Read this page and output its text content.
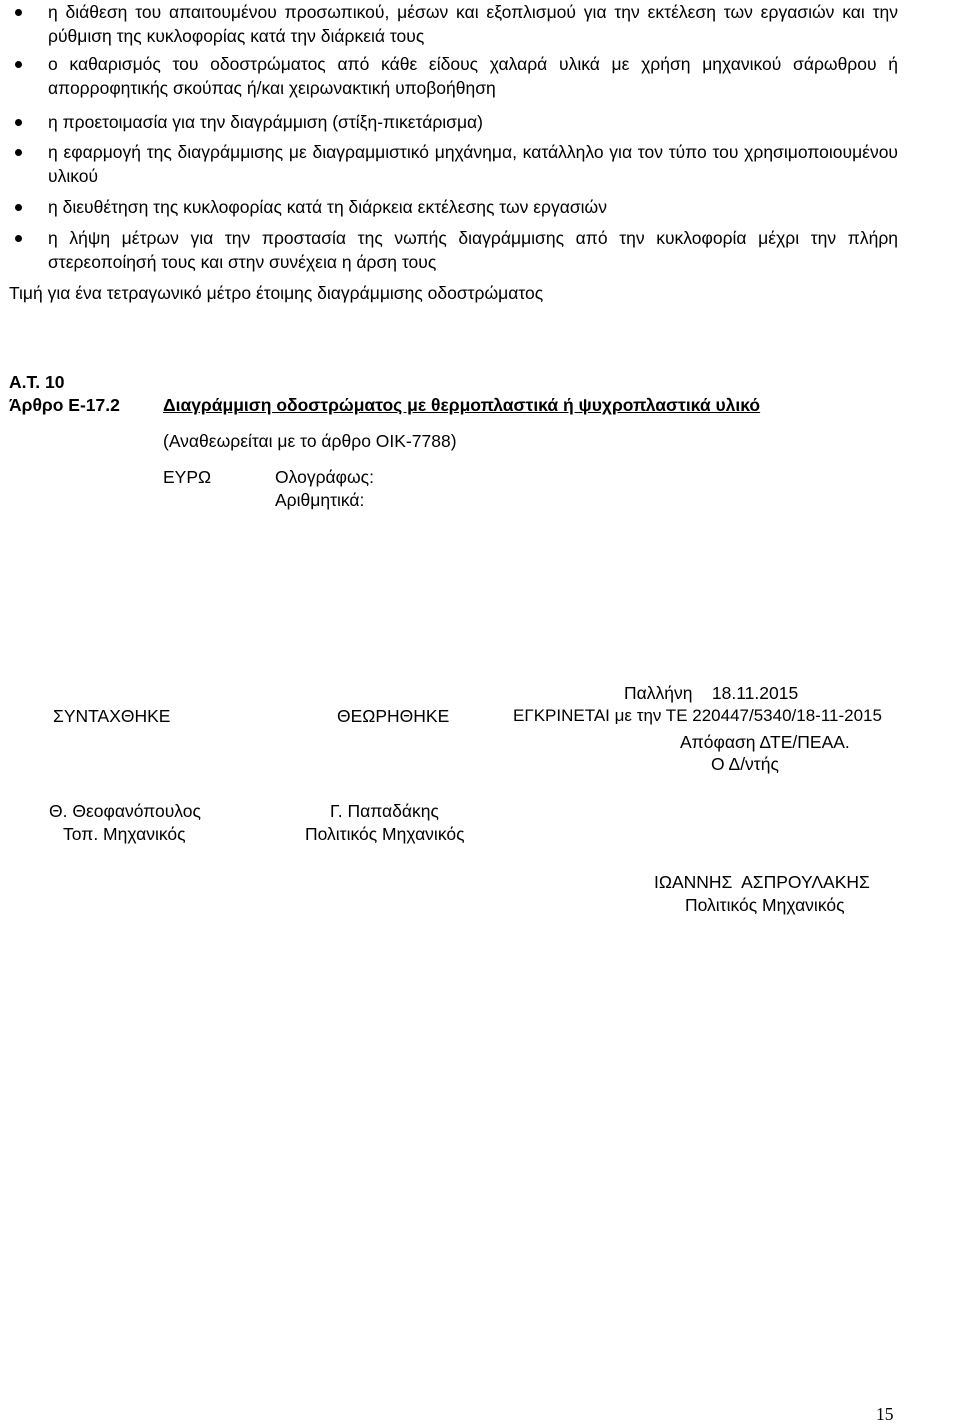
η διάθεση του απαιτουμένου προσωπικού, μέσων και εξοπλισμού για την εκτέλεση των εργασιών και την ρύθμιση της κυκλοφορίας κατά την διάρκειά τους
ο καθαρισμός του οδοστρώματος από κάθε είδους χαλαρά υλικά με χρήση μηχανικού σάρωθρου ή απορροφητικής σκούπας ή/και χειρωνακτική υποβοήθηση
η προετοιμασία για την διαγράμμιση (στίξη-πικετάρισμα)
η εφαρμογή της διαγράμμισης με διαγραμμιστικό μηχάνημα, κατάλληλο για τον τύπο του χρησιμοποιουμένου υλικού
η διευθέτηση της κυκλοφορίας κατά τη διάρκεια εκτέλεσης των εργασιών
η λήψη μέτρων για την προστασία της νωπής διαγράμμισης από την κυκλοφορία μέχρι την πλήρη στερεοποίησή τους και στην συνέχεια η άρση τους
Τιμή για ένα τετραγωνικό μέτρο έτοιμης διαγράμμισης οδοστρώματος
Α.Τ. 10
Άρθρο Ε-17.2 Διαγράμμιση οδοστρώματος με θερμοπλαστικά ή ψυχροπλαστικά υλικό
(Αναθεωρείται με το άρθρο ΟΙΚ-7788)
ΕΥΡΩ	Ολογράφως:
Αριθμητικά:
Παλλήνη    18.11.2015
ΣΥΝΤΑΧΘΗΚΕ	ΘΕΩΡΗΘΗΚΕ	ΕΓΚΡΙΝΕΤΑΙ με την ΤΕ 220447/5340/18-11-2015
Απόφαση ΔΤΕ/ΠΕΑΑ.
Ο Δ/ντής
Θ. Θεοφανόπουλος
Τοπ. Μηχανικός
Γ. Παπαδάκης
Πολιτικός Μηχανικός
ΙΩΑΝΝΗΣ  ΑΣΠΡΟΥΛΑΚΗΣ
Πολιτικός Μηχανικός
15
